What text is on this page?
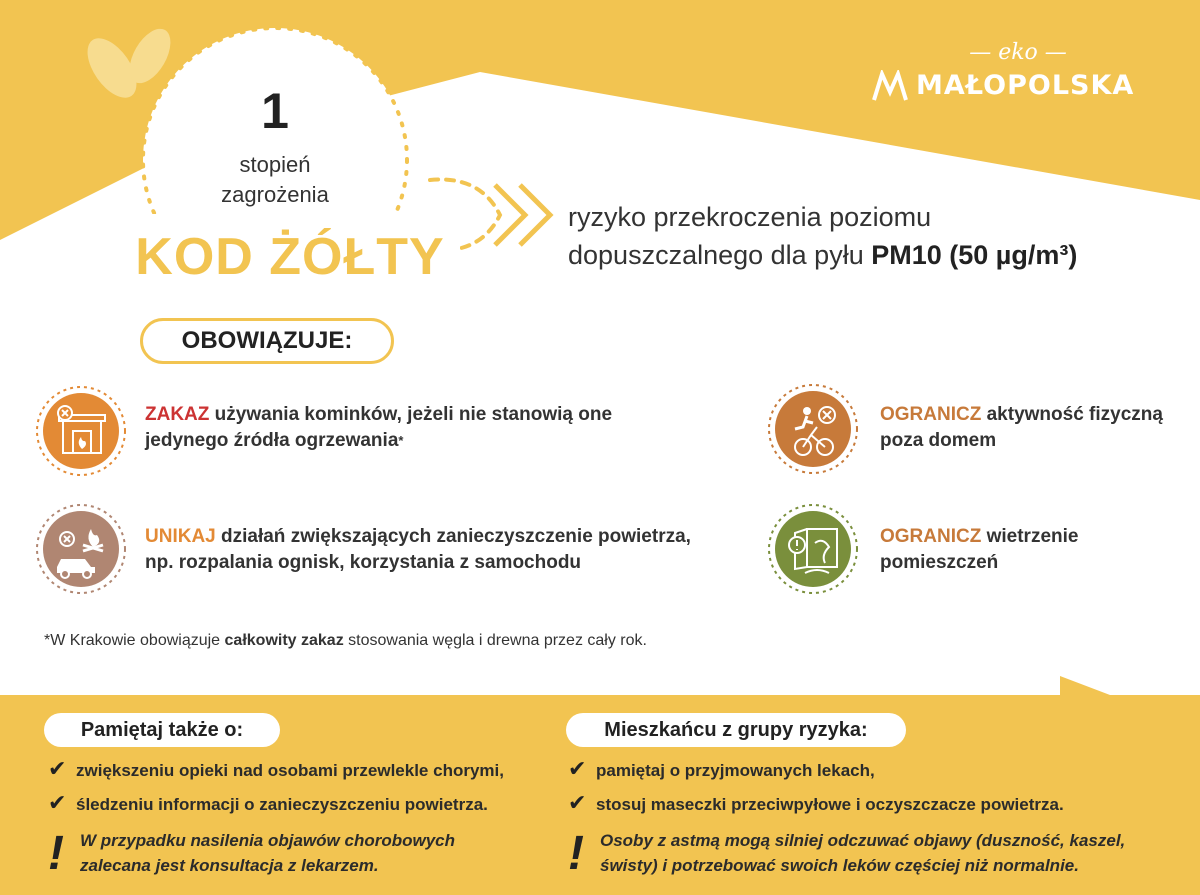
— eko —
MAŁOPOLSKA
1
stopień
zagrożenia
KOD ŻÓŁTY
ryzyko przekroczenia poziomu
dopuszczalnego dla pyłu PM10 (50 µg/m³)
OBOWIĄZUJE:
ZAKAZ używania kominków, jeżeli nie stanowią one
jedynego źródła ogrzewania*
OGRANICZ aktywność fizyczną
poza domem
UNIKAJ działań zwiększających zanieczyszczenie powietrza,
np. rozpalania ognisk, korzystania z samochodu
OGRANICZ wietrzenie
pomieszczeń
*W Krakowie obowiązuje całkowity zakaz stosowania węgla i drewna przez cały rok.
Pamiętaj także o:
✔ zwiększeniu opieki nad osobami przewlekle chorymi,
✔ śledzeniu informacji o zanieczyszczeniu powietrza.
! W przypadku nasilenia objawów chorobowych
zalecana jest konsultacja z lekarzem.
Mieszkańcu z grupy ryzyka:
✔ pamiętaj o przyjmowanych lekach,
✔ stosuj maseczki przeciwpyłowe i oczyszczacze powietrza.
! Osoby z astmą mogą silniej odczuwać objawy (duszność, kaszel,
świsty) i potrzebować swoich leków częściej niż normalnie.
